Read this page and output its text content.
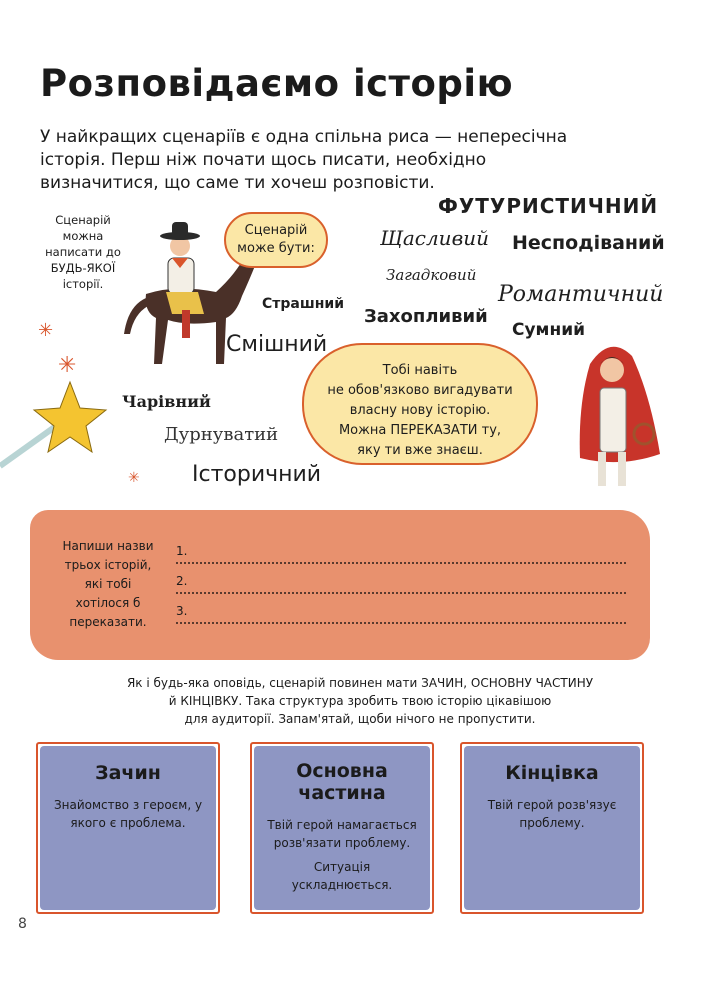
Розповідаємо історію
У найкращих сценаріїв є одна спільна риса — непересічна історія. Перш ніж почати щось писати, необхідно визначитися, що саме ти хочеш розповісти.
Сценарій можна написати до БУДЬ-ЯКОЇ історії.
Сценарій може бути:
ФУТУРИСТИЧНИЙ
Щасливий Несподіваний
Загадковий
Романтичний
Страшний
Захопливий
Сумний
Смішний
Чарівний
Дурнуватий
Історичний
Тобі навіть
не обов'язково вигадувати
власну нову історію.
Можна ПЕРЕКАЗАТИ ту,
яку ти вже знаєш.
✳
✳
✳
Напиши назви трьох історій, які тобі хотілося б переказати.
1.
2.
3.
Як і будь-яка оповідь, сценарій повинен мати ЗАЧИН, ОСНОВНУ ЧАСТИНУ
й КІНЦІВКУ. Така структура зробить твою історію цікавішою
для аудиторії. Запам'ятай, щоби нічого не пропустити.
Зачин
Знайомство з героєм, у якого є проблема.
Основна частина
Твій герой намагається розв'язати проблему.
Ситуація ускладнюється.
Кінцівка
Твій герой розв'язує проблему.
8
